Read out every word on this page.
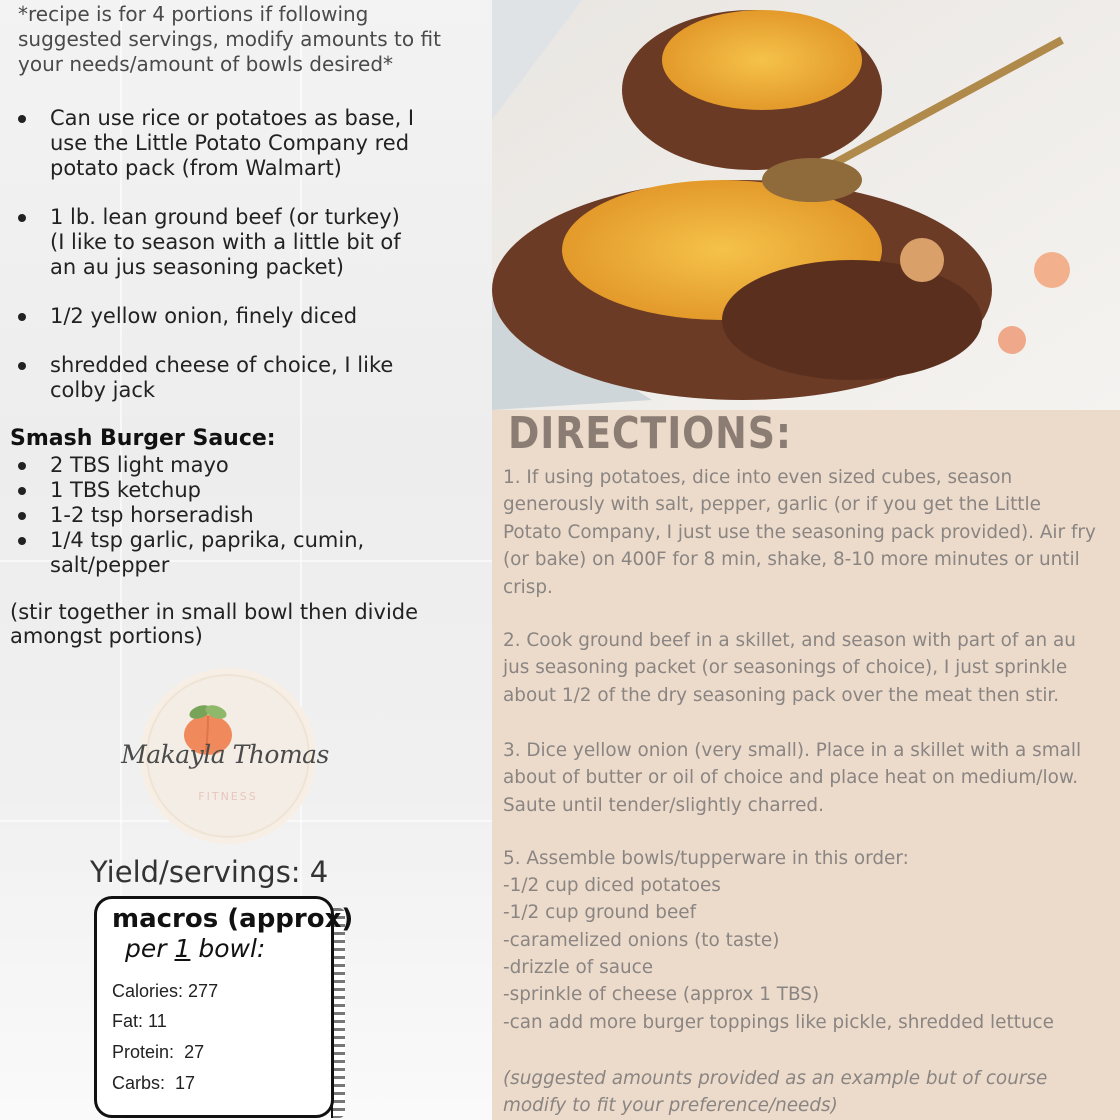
*recipe is for 4 portions if following suggested servings, modify amounts to fit your needs/amount of bowls desired*

Can use rice or potatoes as base, I use the Little Potato Company red potato pack (from Walmart)
1 lb. lean ground beef (or turkey) (I like to season with a little bit of an au jus seasoning packet)
1/2 yellow onion, finely diced
shredded cheese of choice, I like colby jack
Smash Burger Sauce:
2 TBS light mayo
1 TBS ketchup
1-2 tsp horseradish
1/4 tsp garlic, paprika, cumin, salt/pepper

(stir together in small bowl then divide amongst portions)

Makayla Thomas
FITNESS

Yield/servings: 4

macros (approx)

per 1 bowl:

Calories: 277
Fat: 11
Protein: 27
Carbs: 17
DIRECTIONS:

1. If using potatoes, dice into even sized cubes, season generously with salt, pepper, garlic (or if you get the Little Potato Company, I just use the seasoning pack provided). Air fry (or bake) on 400F for 8 min, shake, 8-10 more minutes or until crisp.

2. Cook ground beef in a skillet, and season with part of an au jus seasoning packet (or seasonings of choice), I just sprinkle about 1/2 of the dry seasoning pack over the meat then stir.

3. Dice yellow onion (very small). Place in a skillet with a small about of butter or oil of choice and place heat on medium/low. Saute until tender/slightly charred.

5. Assemble bowls/tupperware in this order:

-1/2 cup diced potatoes

-1/2 cup ground beef

-caramelized onions (to taste)

-drizzle of sauce

-sprinkle of cheese (approx 1 TBS)

-can add more burger toppings like pickle, shredded lettuce

(suggested amounts provided as an example but of course modify to fit your preference/needs)
